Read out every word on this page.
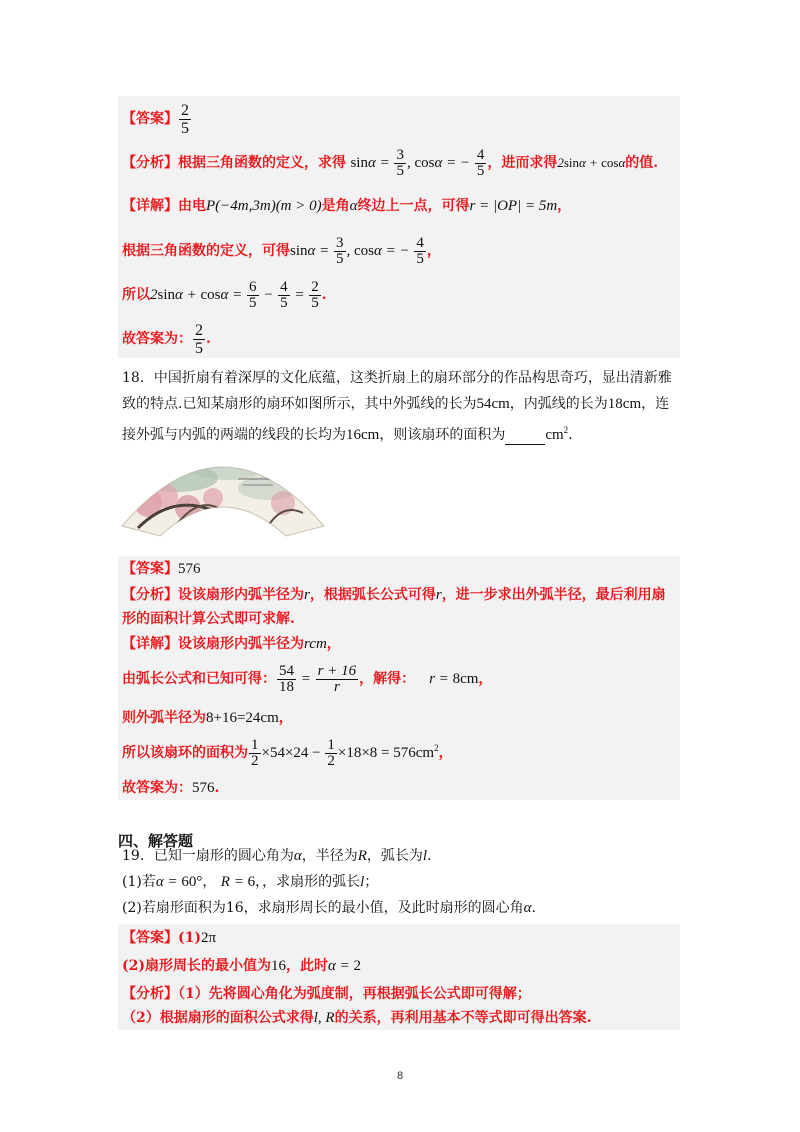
【答案】 $\frac{2}{5}$
【分析】根据三角函数的定义，求得 $\sin\alpha = \frac{3}{5}$ , cosα = − $\frac{4}{5}$ ，进而求得2sinα + cosα的值.
【详解】由电P(−4m,3m)(m > 0)是角α终边上一点，可得r = |OP| = 5m，
根据三角函数的定义，可得$\sin\alpha = \frac{3}{5}$ , cosα = − $\frac{4}{5}$ ，
所以$2\sin\alpha + \cos\alpha = \frac{6}{5} - \frac{4}{5} = \frac{2}{5}$ .
故答案为： $\frac{2}{5}$ .
18．中国折扇有着深厚的文化底蕴，这类折扇上的扇环部分的作品构思奇巧，显出清新雅
致的特点.已知某扇形的扇环如图所示，其中外弧线的长为54cm，内弧线的长为18cm，连
接外弧与内弧的两端的线段的长均为16cm，则该扇环的面积为	$cm^2$.
【答案】576
【分析】设该扇形内弧半径为r，根据弧长公式可得r，进一步求出外弧半径，最后利用扇
形的面积计算公式即可求解.
【详解】设该扇形内弧半径为rcm，
由弧长公式和已知可得： $\frac{54}{18} = \frac{r + 16}{r}$ ，解得： r = 8cm，
则外弧半径为8+16=24cm，
所以该扇环的面积为 $\frac{1}{2} \times 54\times 24 - \frac{1}{2} \times 18\times 8 = 576cm^2$，
故答案为：576.
四、解答题
19．已知一扇形的圆心角为α，半径为R，弧长为l.
(1)若α = 60°， R = 6，，求扇形的弧长l；
(2)若扇形面积为16，求扇形周长的最小值，及此时扇形的圆心角α.
【答案】(1)2π
(2)扇形周长的最小值为16，此时α = 2
【分析】（1）先将圆心角化为弧度制，再根据弧长公式即可得解；
（2）根据扇形的面积公式求得l, R的关系，再利用基本不等式即可得出答案.
8
